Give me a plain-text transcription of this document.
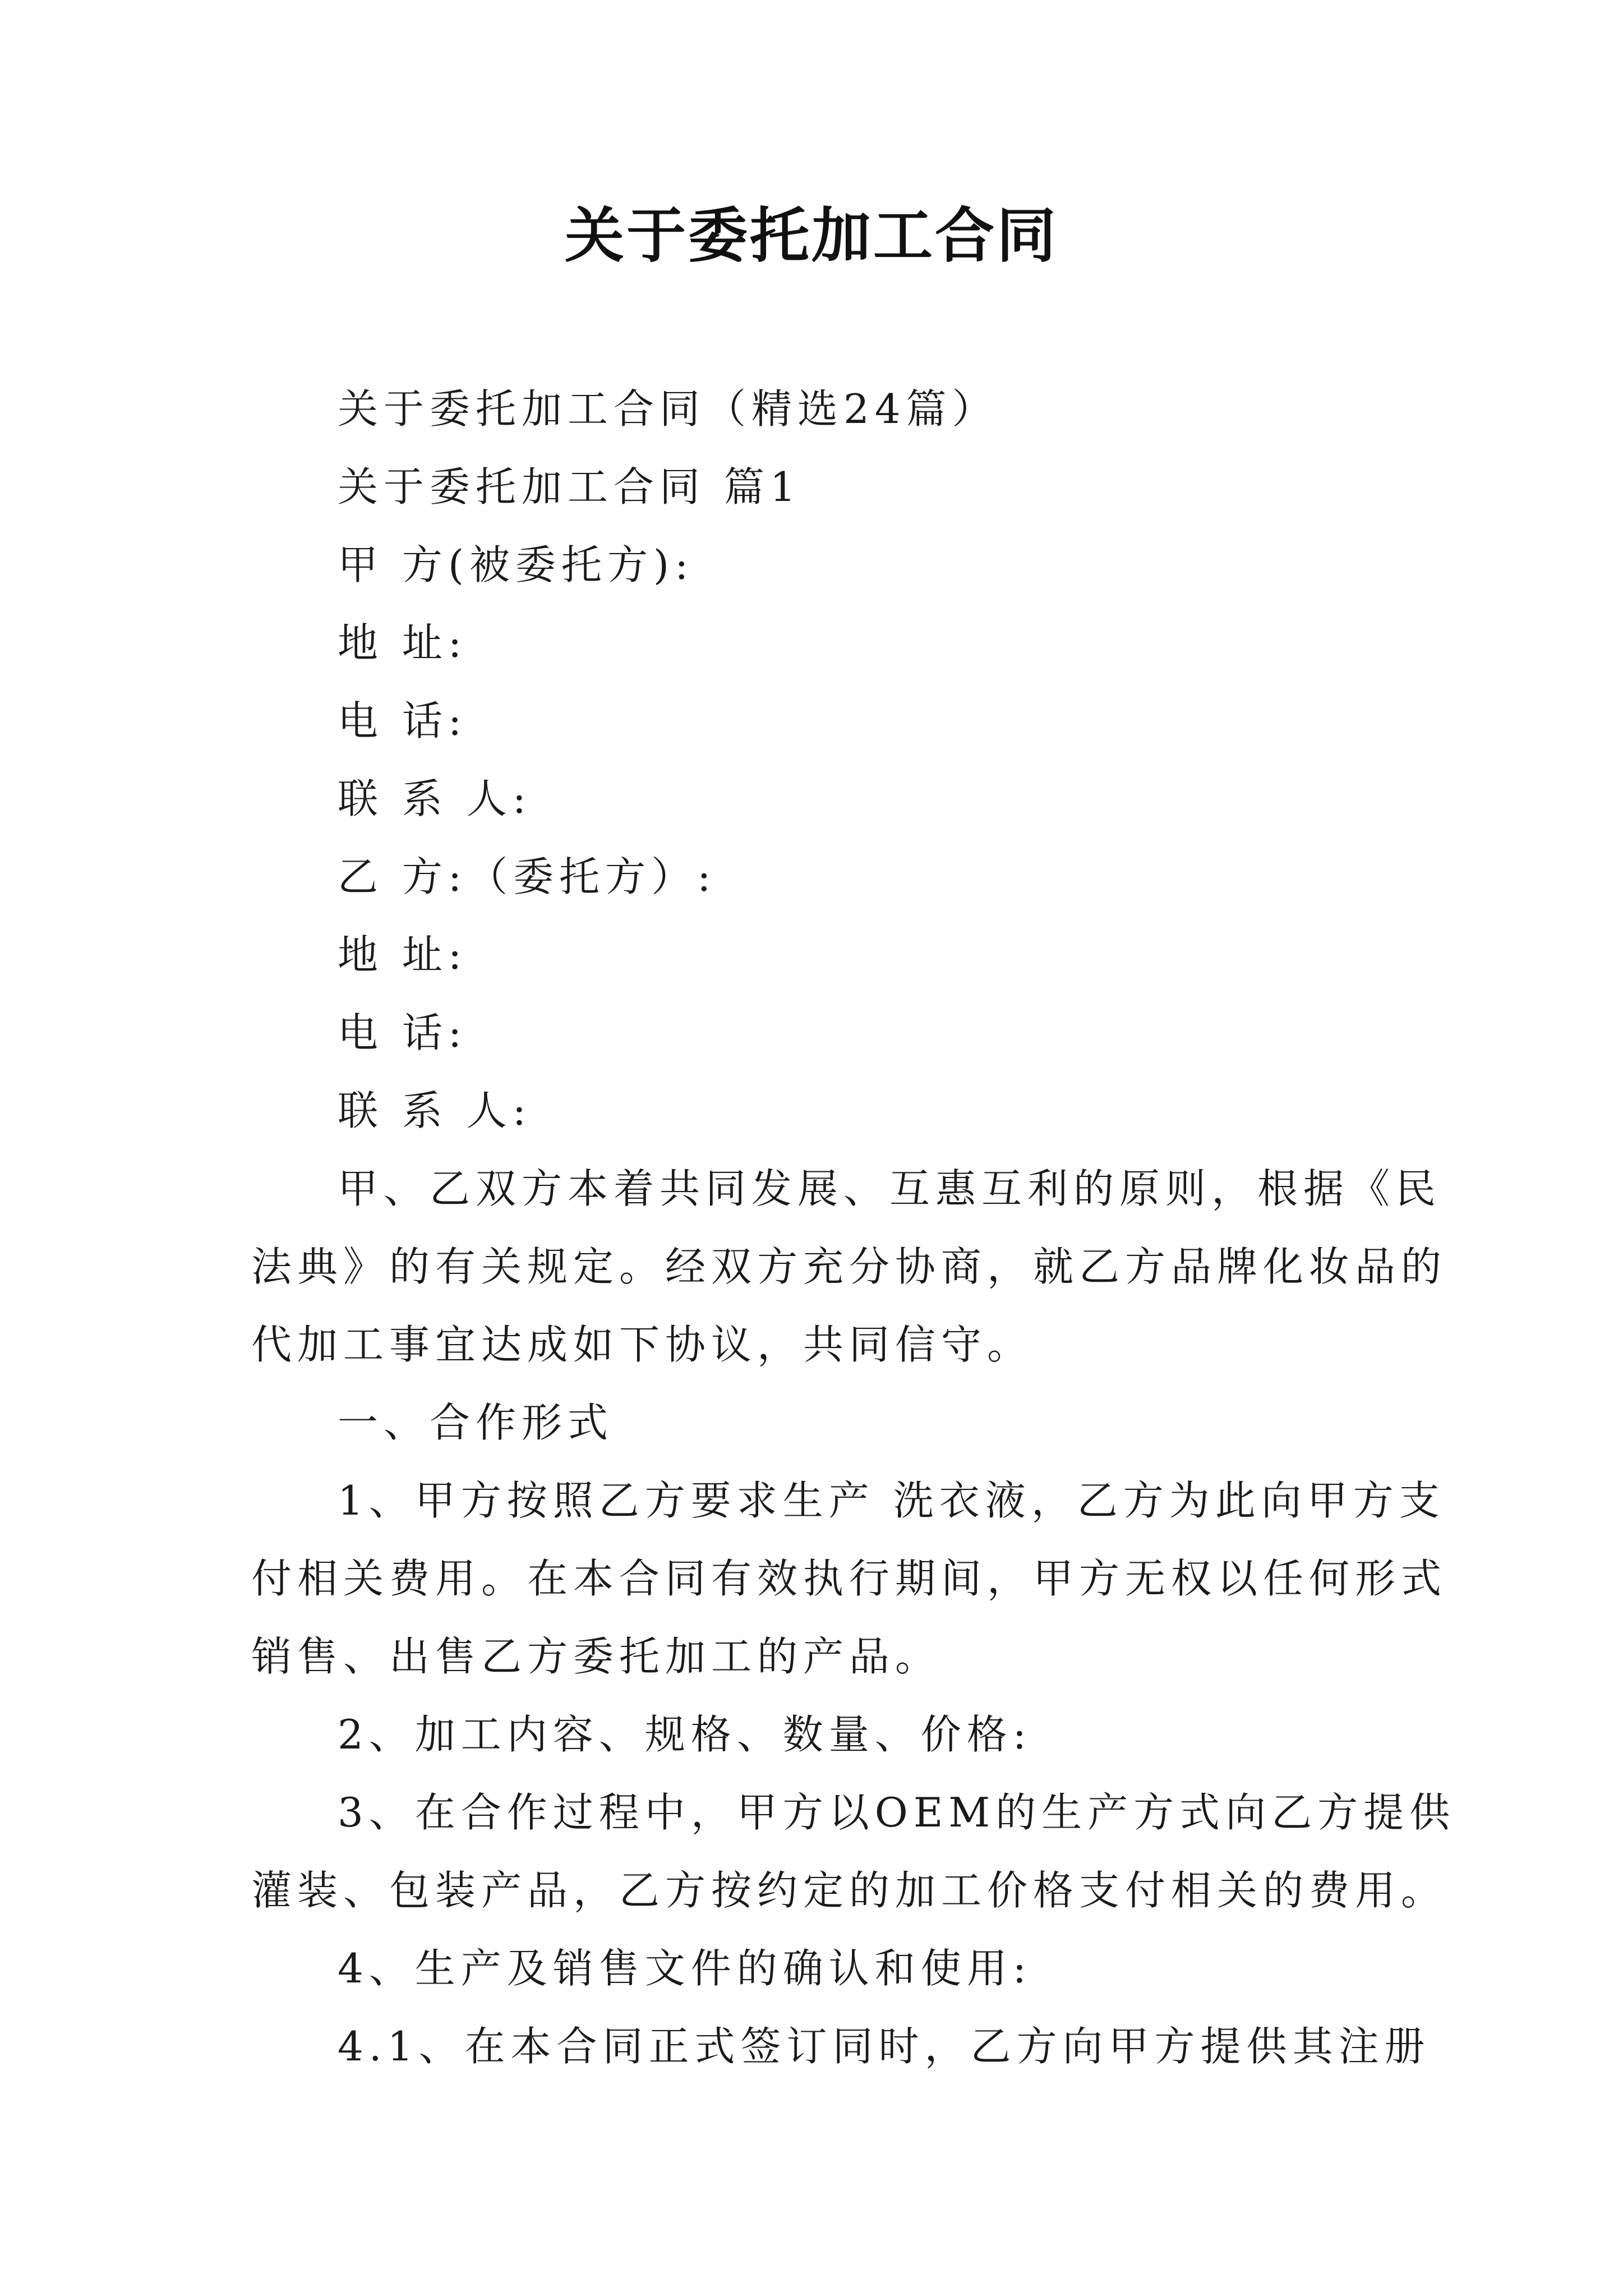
关于委托加工合同
关于委托加工合同（精选24篇）
关于委托加工合同 篇1
甲 方(被委托方):
地 址:
电 话:
联 系 人:
乙 方:（委托方）:
地 址:
电 话:
联 系 人:
甲、乙双方本着共同发展、互惠互利的原则，根据《民
法典》的有关规定。经双方充分协商，就乙方品牌化妆品的
代加工事宜达成如下协议，共同信守。
一、合作形式
1、甲方按照乙方要求生产 洗衣液，乙方为此向甲方支
付相关费用。在本合同有效执行期间，甲方无权以任何形式
销售、出售乙方委托加工的产品。
2、加工内容、规格、数量、价格:
3、在合作过程中，甲方以OEM的生产方式向乙方提供
灌装、包装产品，乙方按约定的加工价格支付相关的费用。
4、生产及销售文件的确认和使用:
4.1、在本合同正式签订同时，乙方向甲方提供其注册
